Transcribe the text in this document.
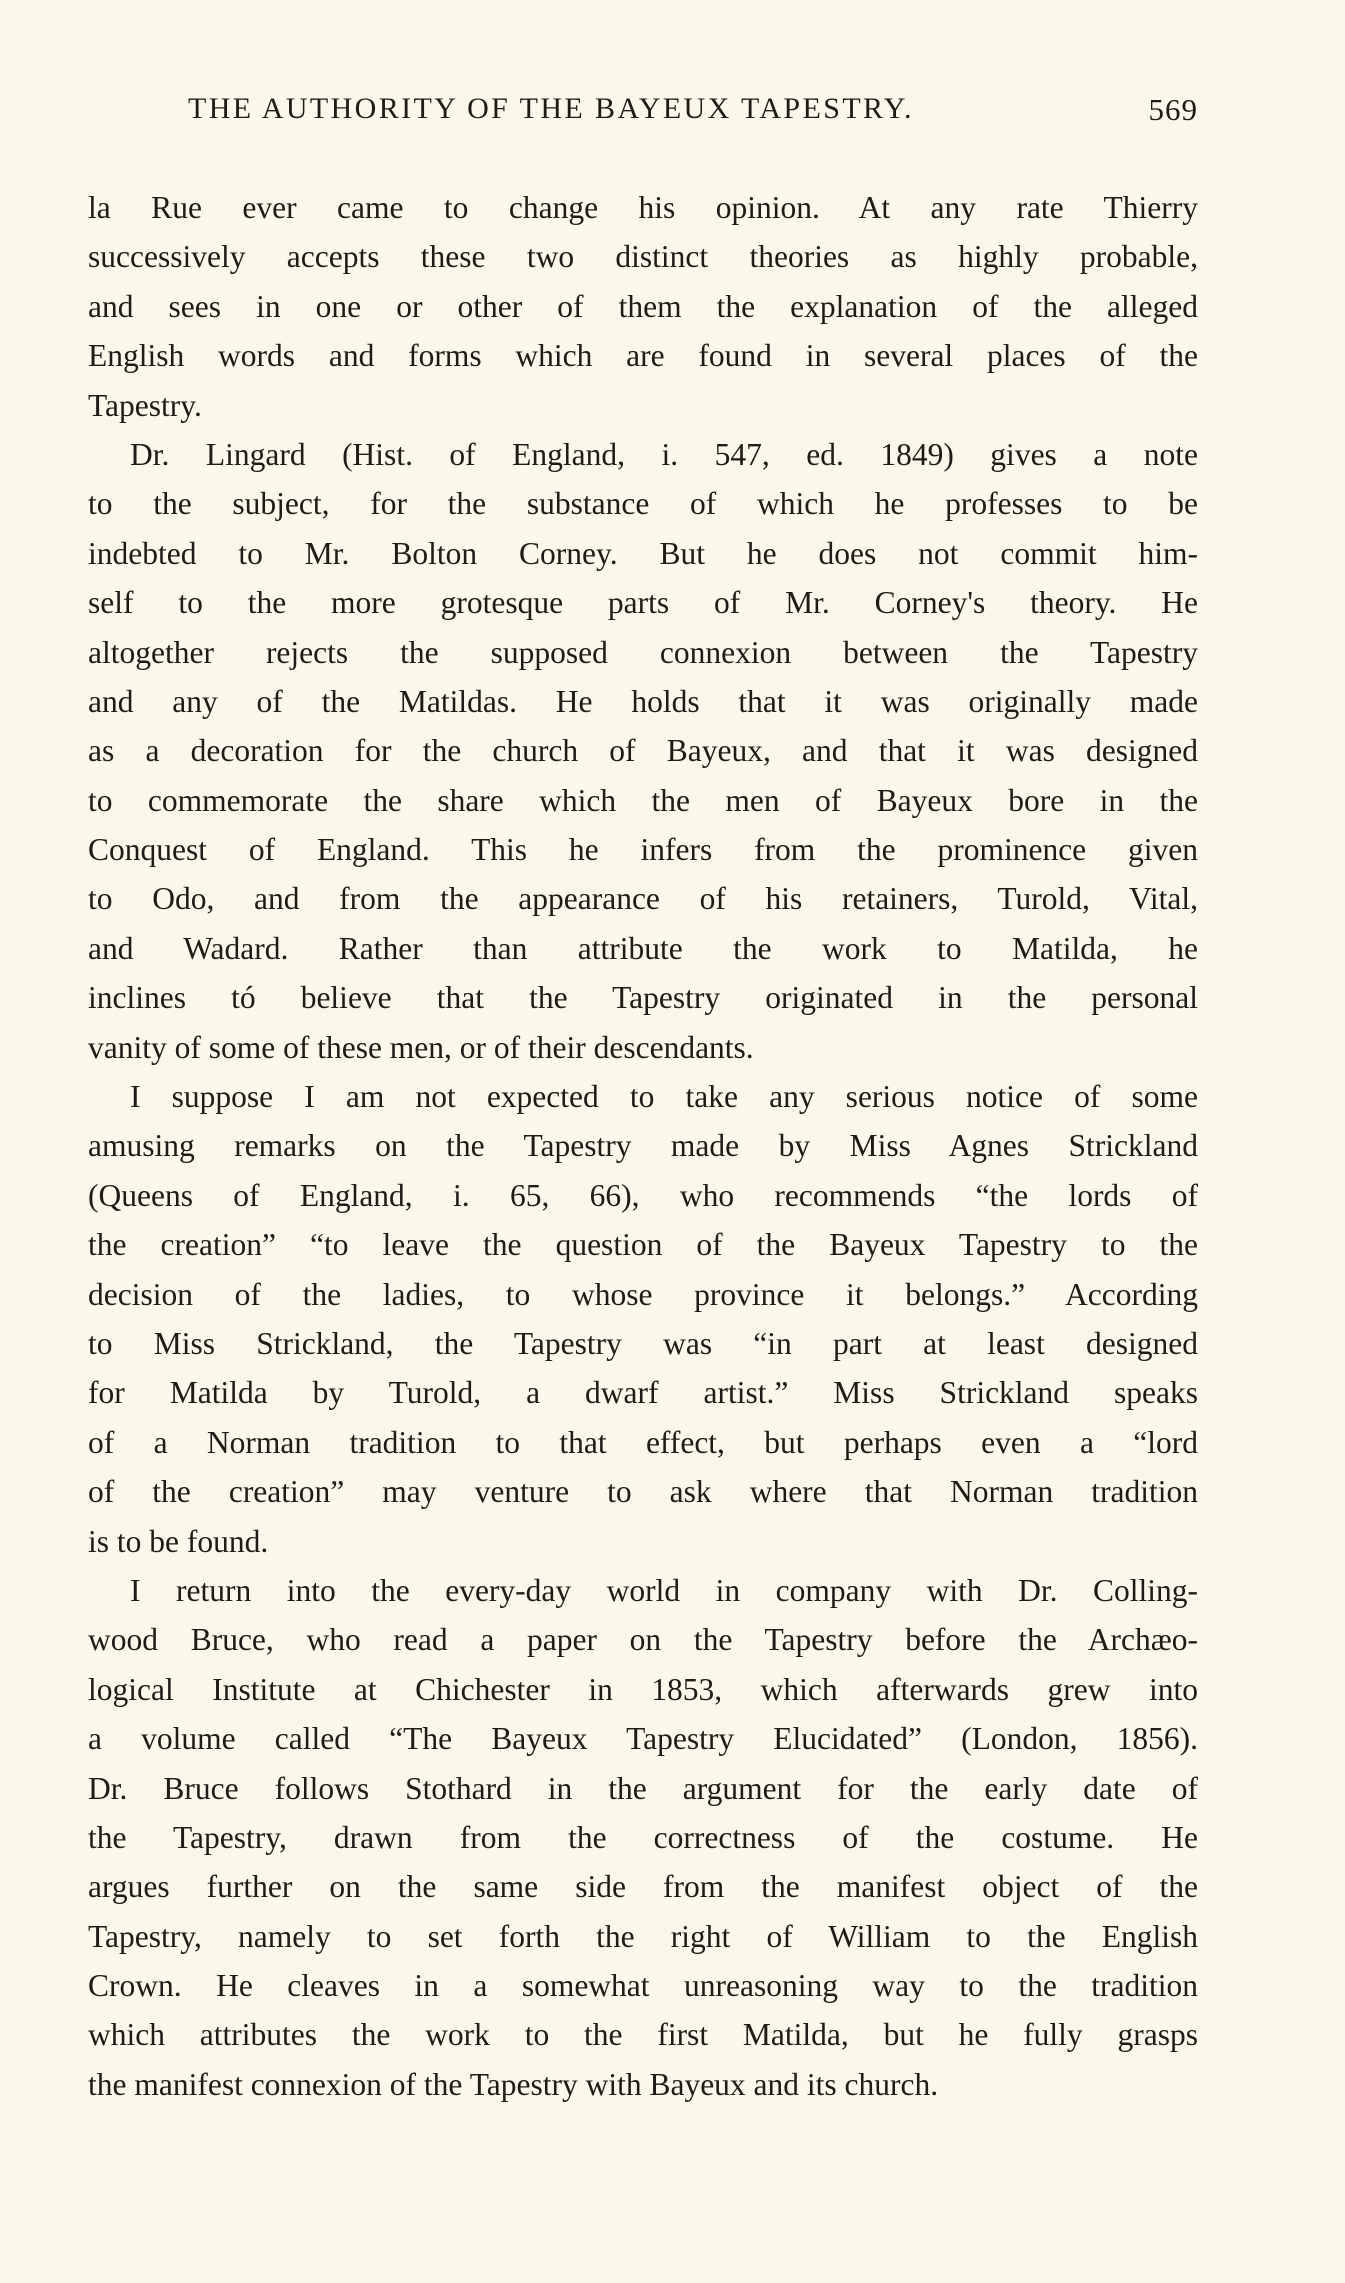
THE AUTHORITY OF THE BAYEUX TAPESTRY.	569
la Rue ever came to change his opinion. At any rate Thierry
successively accepts these two distinct theories as highly probable,
and sees in one or other of them the explanation of the alleged
English words and forms which are found in several places of the
Tapestry.
Dr. Lingard (Hist. of England, i. 547, ed. 1849) gives a note
to the subject, for the substance of which he professes to be
indebted to Mr. Bolton Corney. But he does not commit him-
self to the more grotesque parts of Mr. Corney's theory. He
altogether rejects the supposed connexion between the Tapestry
and any of the Matildas. He holds that it was originally made
as a decoration for the church of Bayeux, and that it was designed
to commemorate the share which the men of Bayeux bore in the
Conquest of England. This he infers from the prominence given
to Odo, and from the appearance of his retainers, Turold, Vital,
and Wadard. Rather than attribute the work to Matilda, he
inclines tó believe that the Tapestry originated in the personal
vanity of some of these men, or of their descendants.
I suppose I am not expected to take any serious notice of some
amusing remarks on the Tapestry made by Miss Agnes Strickland
(Queens of England, i. 65, 66), who recommends “the lords of
the creation” “to leave the question of the Bayeux Tapestry to the
decision of the ladies, to whose province it belongs.” According
to Miss Strickland, the Tapestry was “in part at least designed
for Matilda by Turold, a dwarf artist.” Miss Strickland speaks
of a Norman tradition to that effect, but perhaps even a “lord
of the creation” may venture to ask where that Norman tradition
is to be found.
I return into the every-day world in company with Dr. Colling-
wood Bruce, who read a paper on the Tapestry before the Archæo-
logical Institute at Chichester in 1853, which afterwards grew into
a volume called “The Bayeux Tapestry Elucidated” (London, 1856).
Dr. Bruce follows Stothard in the argument for the early date of
the Tapestry, drawn from the correctness of the costume. He
argues further on the same side from the manifest object of the
Tapestry, namely to set forth the right of William to the English
Crown. He cleaves in a somewhat unreasoning way to the tradition
which attributes the work to the first Matilda, but he fully grasps
the manifest connexion of the Tapestry with Bayeux and its church.
